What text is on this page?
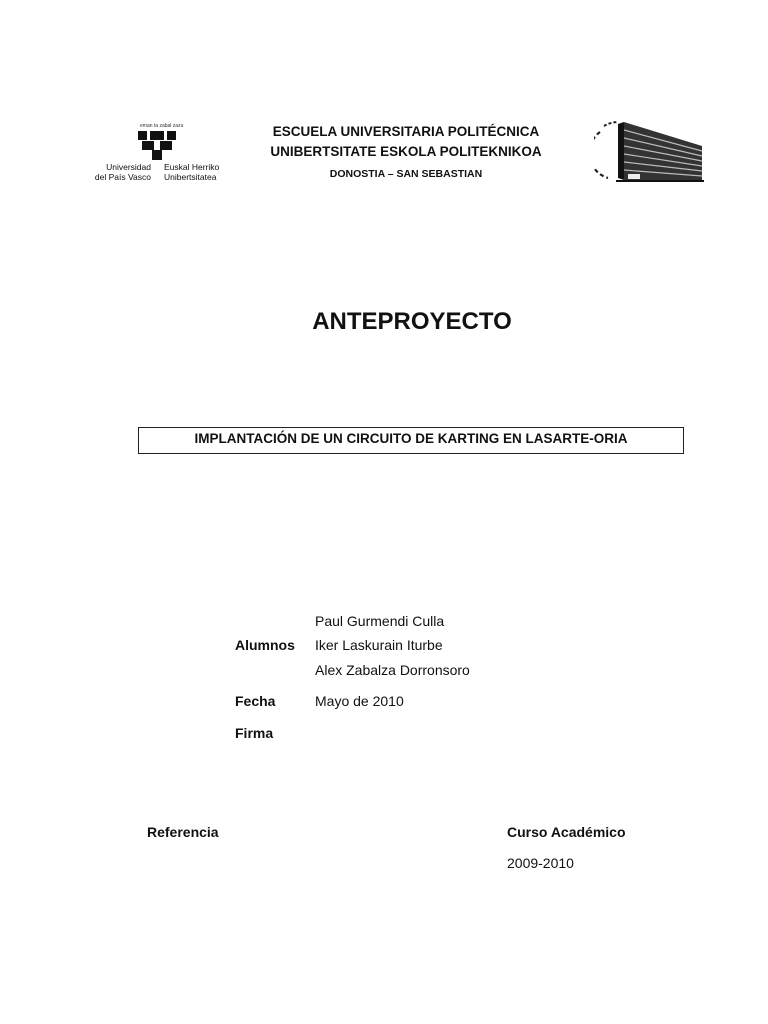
eman ta zabal zazu
Universidad
del País Vasco
Euskal Herriko
Unibertsitatea
ESCUELA UNIVERSITARIA POLITÉCNICA
UNIBERTSITATE ESKOLA POLITEKNIKOA
DONOSTIA – SAN SEBASTIAN
ANTEPROYECTO
IMPLANTACIÓN DE UN CIRCUITO DE KARTING EN LASARTE-ORIA
Paul Gurmendi Culla
Alumnos Iker Laskurain Iturbe
Alex Zabalza Dorronsoro
Fecha	Mayo de 2010
Firma
Referencia	Curso Académico
2009-2010
